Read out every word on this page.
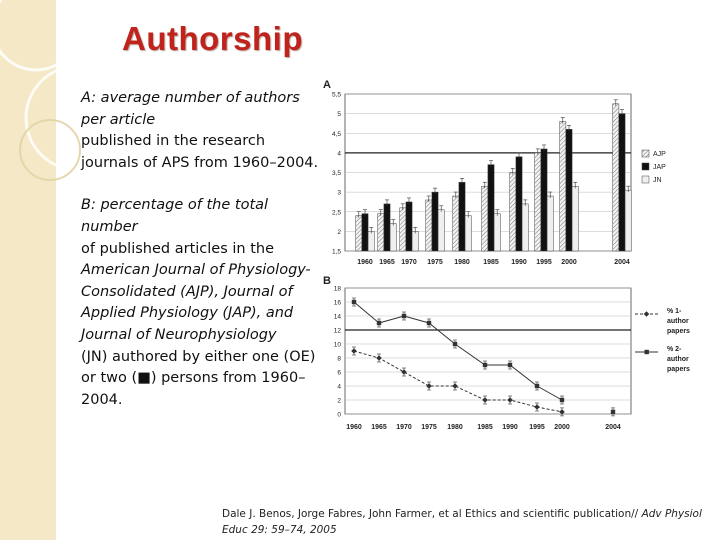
Authorship

A: average number of authors per article

published in the research journals of APS from 1960–2004.

B: percentage of the total number

of published articles in the

American Journal of Physiology-Consolidated (AJP), Journal of Applied Physiology (JAP), and Journal of Neurophysiology

(JN) authored by either one (OE) or two (■) persons from 1960–2004.

A
1,5
2
2,5
3
3,5
4
4,5
5
5,5
1960 1965 1970 1975 1980 1985 1990 1995 2000	2004
AJP
JAP
JN
B
0
2
4
6
8
10
12
14
16
18
1960 1965 1970 1975 1980 1985 1990 1995 2000	2004
% 1-
author
papers
% 2-
author
papers
Dale J. Benos, Jorge Fabres, John Farmer, et al Ethics and scientific publication// Adv Physiol Educ 29: 59–74, 2005
